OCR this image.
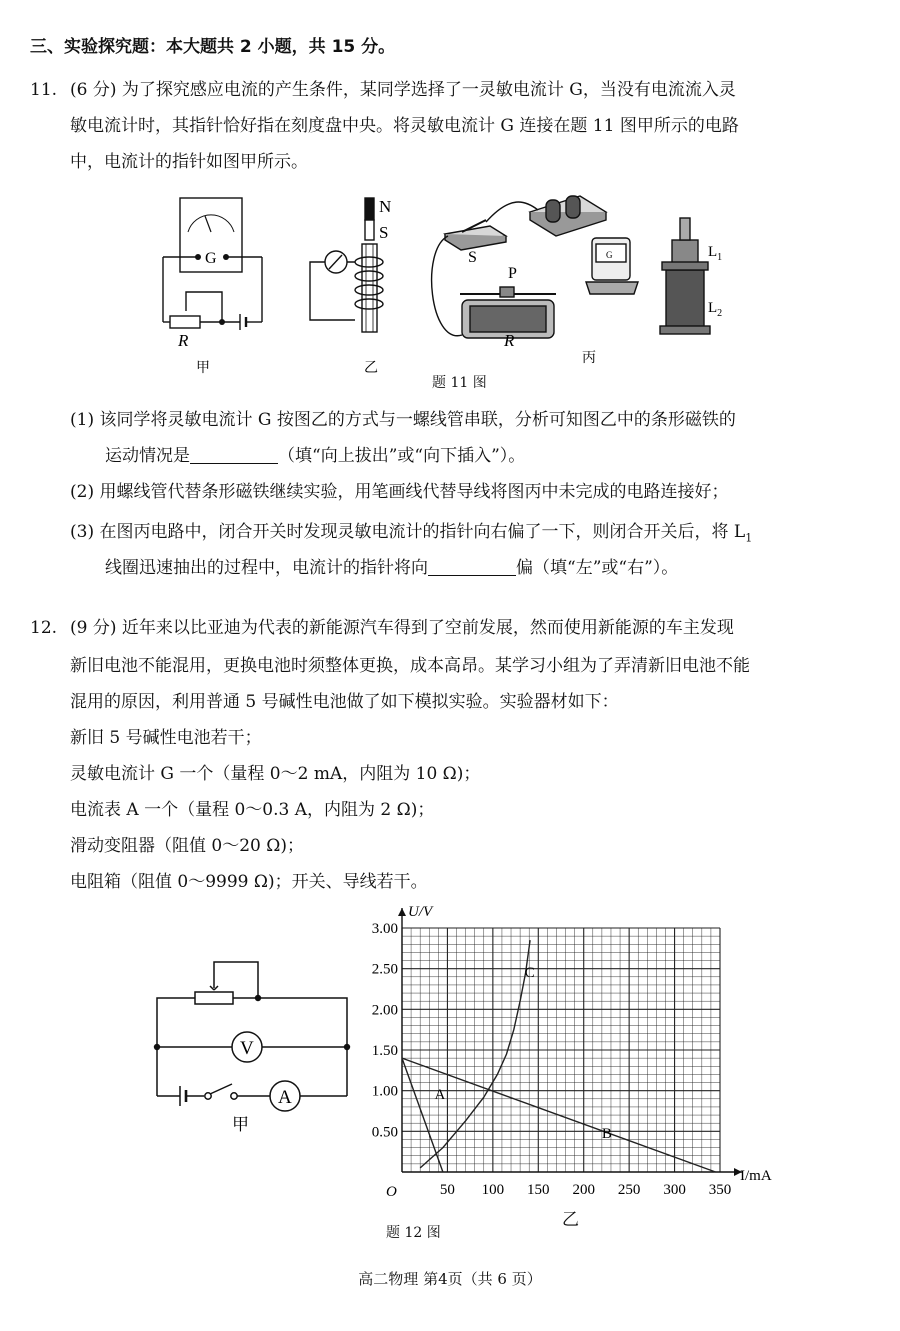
三、实验探究题：本大题共 2 小题，共 15 分。
11. (6 分) 为了探究感应电流的产生条件，某同学选择了一灵敏电流计 G，当没有电流流入灵
敏电流计时，其指针恰好指在刻度盘中央。将灵敏电流计 G 连接在题 11 图甲所示的电路
中，电流计的指针如图甲所示。
G
R
甲
N
S
乙
S
P
R
G	$L_1$
$L_2$
丙
题 11 图
(1) 该同学将灵敏电流计 G 按图乙的方式与一螺线管串联，分析可知图乙中的条形磁铁的
运动情况是	（填“向上拔出”或“向下插入”）。
(2) 用螺线管代替条形磁铁继续实验，用笔画线代替导线将图丙中未完成的电路连接好；
(3) 在图丙电路中，闭合开关时发现灵敏电流计的指针向右偏了一下，则闭合开关后，将 $L_1$
线圈迅速抽出的过程中，电流计的指针将向	偏（填“左”或“右”）。
12. (9 分) 近年来以比亚迪为代表的新能源汽车得到了空前发展，然而使用新能源的车主发现
新旧电池不能混用，更换电池时须整体更换，成本高昂。某学习小组为了弄清新旧电池不能
混用的原因，利用普通 5 号碱性电池做了如下模拟实验。实验器材如下：
新旧 5 号碱性电池若干；
灵敏电流计 G 一个（量程 0～2 mA，内阻为 10 Ω)；
电流表 A 一个（量程 0～0.3 A，内阻为 2 Ω)；
滑动变阻器（阻值 0～20 Ω)；
电阻箱（阻值 0～9999 Ω)；开关、导线若干。
V
A
甲
A
B
C
50 100 150 200 250 300 350
0.50
1.00
1.50
2.00
2.50
3.00
U/V
I/mA
O
乙
题 12 图
高二物理 第4页（共 6 页）
